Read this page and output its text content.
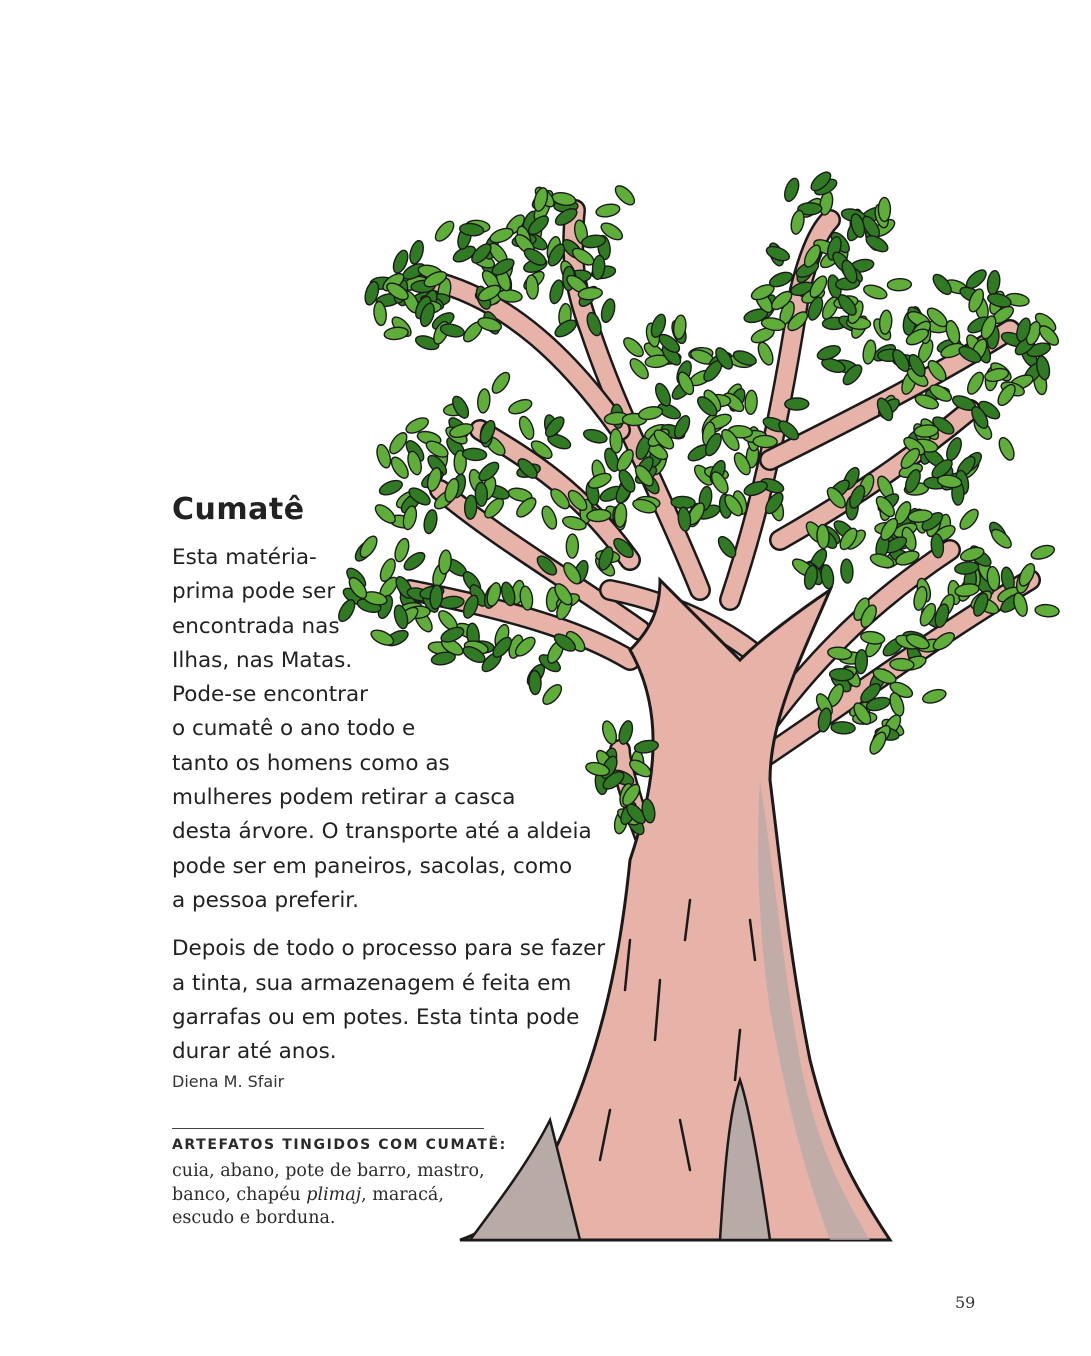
Cumatê

Esta matéria-
prima pode ser
encontrada nas
Ilhas, nas Matas.
Pode-se encontrar
o cumatê o ano todo e
tanto os homens como as
mulheres podem retirar a casca
desta árvore. O transporte até a aldeia
pode ser em paneiros, sacolas, como
a pessoa preferir.

Depois de todo o processo para se fazer
a tinta, sua armazenagem é feita em
garrafas ou em potes. Esta tinta pode
durar até anos.

Diena M. Sfair
ARTEFATOS TINGIDOS COM CUMATÊ:
cuia, abano, pote de barro, mastro,
banco, chapéu plimaj, maracá,
escudo e borduna.
59
